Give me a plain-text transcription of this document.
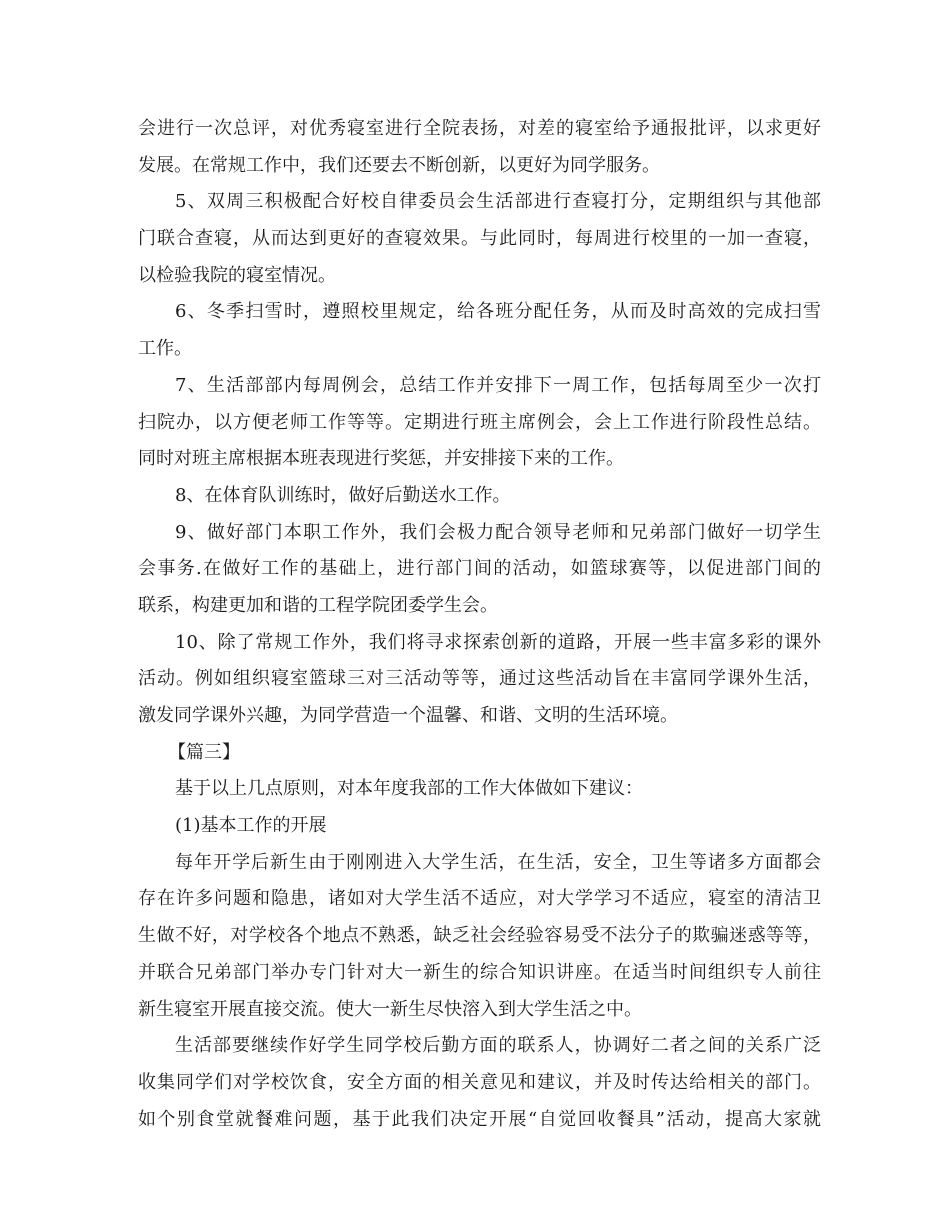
会进行一次总评，对优秀寝室进行全院表扬，对差的寝室给予通报批评，以求更好
发展。在常规工作中，我们还要去不断创新，以更好为同学服务。
5、双周三积极配合好校自律委员会生活部进行查寝打分，定期组织与其他部
门联合查寝，从而达到更好的查寝效果。与此同时，每周进行校里的一加一查寝，
以检验我院的寝室情况。
6、冬季扫雪时，遵照校里规定，给各班分配任务，从而及时高效的完成扫雪
工作。
7、生活部部内每周例会，总结工作并安排下一周工作，包括每周至少一次打
扫院办，以方便老师工作等等。定期进行班主席例会，会上工作进行阶段性总结。
同时对班主席根据本班表现进行奖惩，并安排接下来的工作。
8、在体育队训练时，做好后勤送水工作。
9、做好部门本职工作外，我们会极力配合领导老师和兄弟部门做好一切学生
会事务.在做好工作的基础上，进行部门间的活动，如篮球赛等，以促进部门间的
联系，构建更加和谐的工程学院团委学生会。
10、除了常规工作外，我们将寻求探索创新的道路，开展一些丰富多彩的课外
活动。例如组织寝室篮球三对三活动等等，通过这些活动旨在丰富同学课外生活，
激发同学课外兴趣，为同学营造一个温馨、和谐、文明的生活环境。
【篇三】
基于以上几点原则，对本年度我部的工作大体做如下建议：
(1)基本工作的开展
每年开学后新生由于刚刚进入大学生活，在生活，安全，卫生等诸多方面都会
存在许多问题和隐患，诸如对大学生活不适应，对大学学习不适应，寝室的清洁卫
生做不好，对学校各个地点不熟悉，缺乏社会经验容易受不法分子的欺骗迷惑等等，
并联合兄弟部门举办专门针对大一新生的综合知识讲座。在适当时间组织专人前往
新生寝室开展直接交流。使大一新生尽快溶入到大学生活之中。
生活部要继续作好学生同学校后勤方面的联系人，协调好二者之间的关系广泛
收集同学们对学校饮食，安全方面的相关意见和建议，并及时传达给相关的部门。
如个别食堂就餐难问题，基于此我们决定开展“自觉回收餐具”活动，提高大家就
